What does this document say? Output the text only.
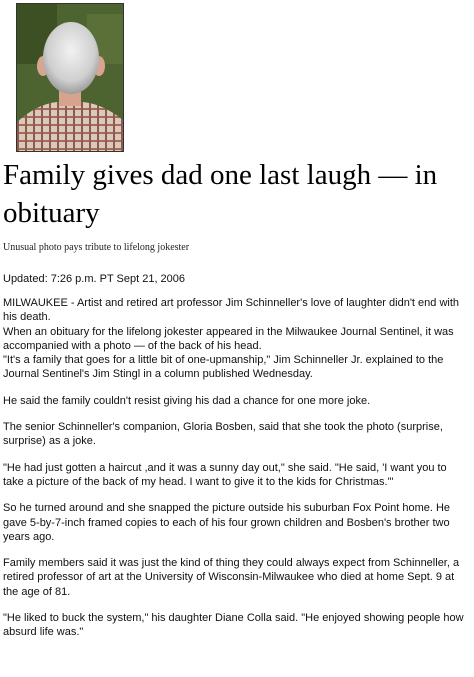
Family gives dad one last laugh — in obituary

Unusual photo pays tribute to lifelong jokester

Updated: 7:26 p.m. PT Sept 21, 2006

MILWAUKEE - Artist and retired art professor Jim Schinneller's love of laughter didn't end with his death.

When an obituary for the lifelong jokester appeared in the Milwaukee Journal Sentinel, it was accompanied with a photo — of the back of his head.

"It's a family that goes for a little bit of one-upmanship," Jim Schinneller Jr. explained to the Journal Sentinel's Jim Stingl in a column published Wednesday.

He said the family couldn't resist giving his dad a chance for one more joke.

The senior Schinneller's companion, Gloria Bosben, said that she took the photo (surprise, surprise) as a joke.

"He had just gotten a haircut ,and it was a sunny day out," she said. "He said, 'I want you to take a picture of the back of my head. I want to give it to the kids for Christmas.'"

So he turned around and she snapped the picture outside his suburban Fox Point home. He gave 5-by-7-inch framed copies to each of his four grown children and Bosben's brother two years ago.

Family members said it was just the kind of thing they could always expect from Schinneller, a retired professor of art at the University of Wisconsin-Milwaukee who died at home Sept. 9 at the age of 81.

"He liked to buck the system," his daughter Diane Colla said. "He enjoyed showing people how absurd life was."
